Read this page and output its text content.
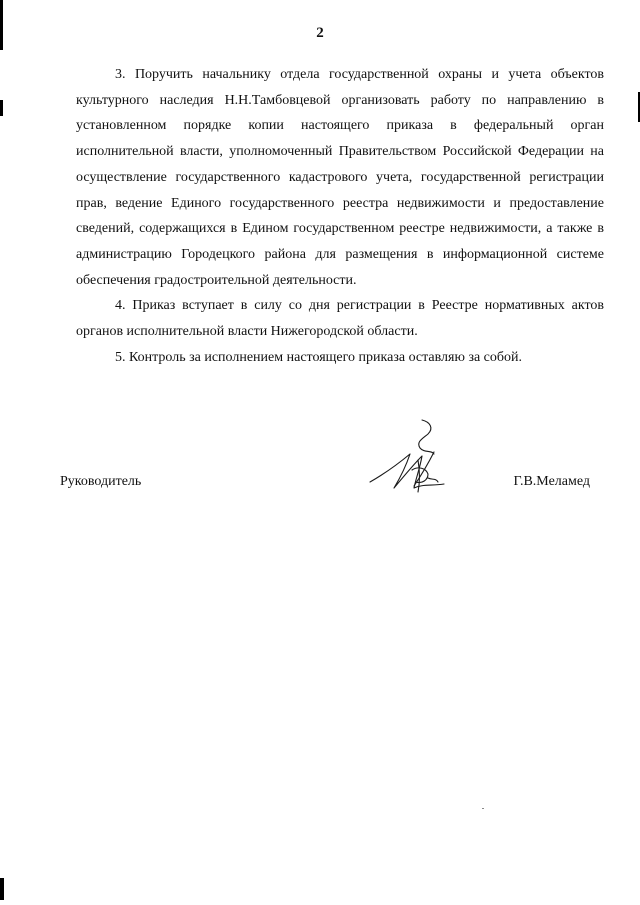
2

3. Поручить начальнику отдела государственной охраны и учета объектов культурного наследия Н.Н.Тамбовцевой организовать работу по направлению в установленном порядке копии настоящего приказа в федеральный орган исполнительной власти, уполномоченный Правительством Российской Федерации на осуществление государственного кадастрового учета, государственной регистрации прав, ведение Единого государственного реестра недвижимости и предоставление сведений, содержащихся в Едином государственном реестре недвижимости, а также в администрацию Городецкого района для размещения в информационной системе обеспечения градостроительной деятельности.

4. Приказ вступает в силу со дня регистрации в Реестре нормативных актов органов исполнительной власти Нижегородской области.

5. Контроль за исполнением настоящего приказа оставляю за собой.

Руководитель	Г.В.Меламед
